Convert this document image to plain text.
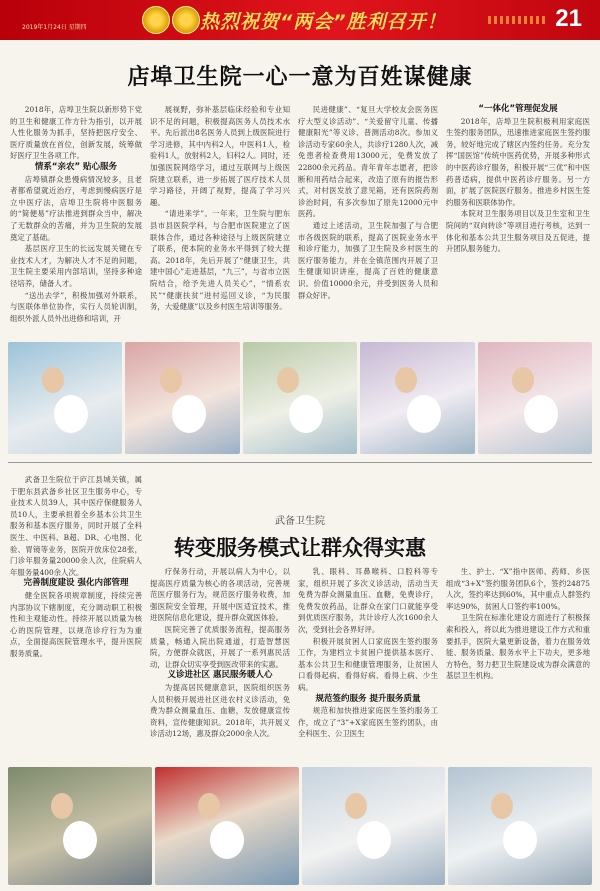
2019年1月24日 星期四	热烈祝贺“两会”胜利召开！	21
店埠卫生院一心一意为百姓谋健康

2018年，店埠卫生院以新形势下党的卫生和健康工作方针为指引，以开展人性化服务为抓手，坚持把医疗安全、医疗质量放在首位，创新发展，统筹做好医疗卫生各项工作。

情系“亲农” 贴心服务

店埠镇群众患慢病情况较多，且老者都希望就近治疗，考虑到慢病医疗是立中医疗法，店埠卫生院将中医服务的“简便易”疗法推进到群众当中，解决了无数群众的苦痛，并为卫生院的发展奠定了基础。

基层医疗卫生的长远发展关键在专业技术人才，为解决人才不足的问题，卫生院主要采用内部培训，坚持多种途径培养，储备人才。

“送出去学”，积极加强对外联系，与医联体单位协作，实行人员轮训制，组织外派人员外出进修和培训，开

展视野，弥补基层临床经验和专业知识不足的问题，积极提高医务人员技术水平。先后派出8名医务人员到上级医院进行学习进修，其中内科2人，中医科1人，检验科1人，放射科2人，妇科2人。同时，还加强医院网络学习，通过互联网与上级医院建立联系，进一步拓展了医疗技术人员学习路径，开阔了视野，提高了学习兴趣。

“请进来学”。一年来，卫生院与肥东县市县医院学科，与合肥市医院建立了医联体合作，通过各种途径与上级医院建立了联系，使本院的业务水平得到了较大提高。2018年，先后开展了“健康卫生，共建中国心”走进基层，“九三”，与省市立医院结合，给予先进人员关心”，“情系农民”“健康扶贫”进村巡回义诊，“为民服务，大爱健康”以及乡村医生培训等服务。

民进健康”、“复旦大学校友会医务医疗大型义诊活动”、“关爱留守儿童、传播健康阳光”等义诊、普测活动8次。参加义诊活动专家60余人，共诊疗1280人次，减免患者检查费用13000元，免费发放了22800余元药品。青年青年志愿者，把诊断和用药结合起来，改造了原有的报告形式，对村医发放了意见箱，还有医院药剂诊治时间，有多次参加了原先12000元中医药。

通过上述活动，卫生院加强了与合肥市各级医院的联系，提高了医院业务水平和诊疗能力，加强了卫生院及乡村医生的医疗服务能力，并在全镇范围内开展了卫生健康知识讲座，提高了百姓的健康意识。价值10000余元，并受到医务人员和群众好评。

“一体化”管理促发展

2018年，店埠卫生院积极利用家庭医生签约服务团队，迅速推进家庭医生签约服务，较好地完成了辖区内签约任务。充分发挥“国医馆”传统中医药优势，开展多种形式的中医药诊疗服务，积极开展“三优”和中医药普适病，提供中医药诊疗服务。另一方面，扩展了医院医疗服务。推进乡村医生签约服务和医联体协作。

本院对卫生服务项目以及卫生室和卫生院间的“双向转诊”等项目进行考核，达到一体化和基本公共卫生服务项目及五促进，提升团队服务能力。

武备卫生院位于庐江县城关镇，属于肥东县武备乡社区卫生服务中心，专业技术人员39人，其中医疗保健服务人员10人，主要承担着全乡基本公共卫生服务和基本医疗服务，同时开展了全科医生、中医科、B超、DR、心电图、化验、胃镜等业务，医院开放床位28张，门诊年服务量20000余人次，住院病人年服务量400余人次。

完善制度建设 强化内部管理

健全医院各项规章制度，持续完善内部协议下辖制度，充分调动职工积极性和主观能动性。持续开展以质量为核心的医院管理，以规范诊疗行为为重点，全面提高医院管理水平，提升医院服务质量。

武备卫生院
转变服务模式让群众得实惠

疗保务行动，开展以病人为中心，以提高医疗质量为核心的各项活动，完善规范医疗服务行为，规范医疗服务收费，加强医院安全管理，开展中医适宜技术，推进医院信息化建设，提升群众就医体验。

医院完善了优质服务流程，提高服务质量，畅通入院出院通道，打造智慧医院，方便群众就医，开展了一系列惠民活动，让群众切实享受到医改带来的实惠。

义诊进社区 惠民服务暖人心

为提高居民健康意识，医院组织医务人员积极开展进社区进农村义诊活动，免费为群众测量血压、血糖，发放健康宣传资料，宣传健康知识。2018年，共开展义诊活动12场，惠及群众2000余人次。

乳、眼科、耳鼻喉科、口腔科等专家，组织开展了多次义诊活动，活动当天免费为群众测量血压、血糖，免费诊疗，免费发放药品，让群众在家门口就能享受到优质医疗服务，共计诊疗人次1600余人次，受到社会各界好评。

积极开展贫困人口家庭医生签约服务工作，为建档立卡贫困户提供基本医疗、基本公共卫生和健康管理服务，让贫困人口看得起病、看得好病、看得上病、少生病。

规范签约服务 提升服务质量

规范和加快推进家庭医生签约服务工作，成立了“3”+X家庭医生签约团队，由全科医生、公卫医生

生、护士、“X”指中医师、药师、乡医组成“3+X”签约服务团队6个，签约24875人次，签约率达到60%，其中重点人群签约率达90%，贫困人口签约率100%。

卫生院在标准化建设方面进行了积极探索和投入，将以此为推进建设工作方式和重要抓手，医院大量更新设备，着力在服务效能、服务质量、服务水平上下功夫，更多地方特色，努力把卫生院建设成为群众满意的基层卫生机构。
